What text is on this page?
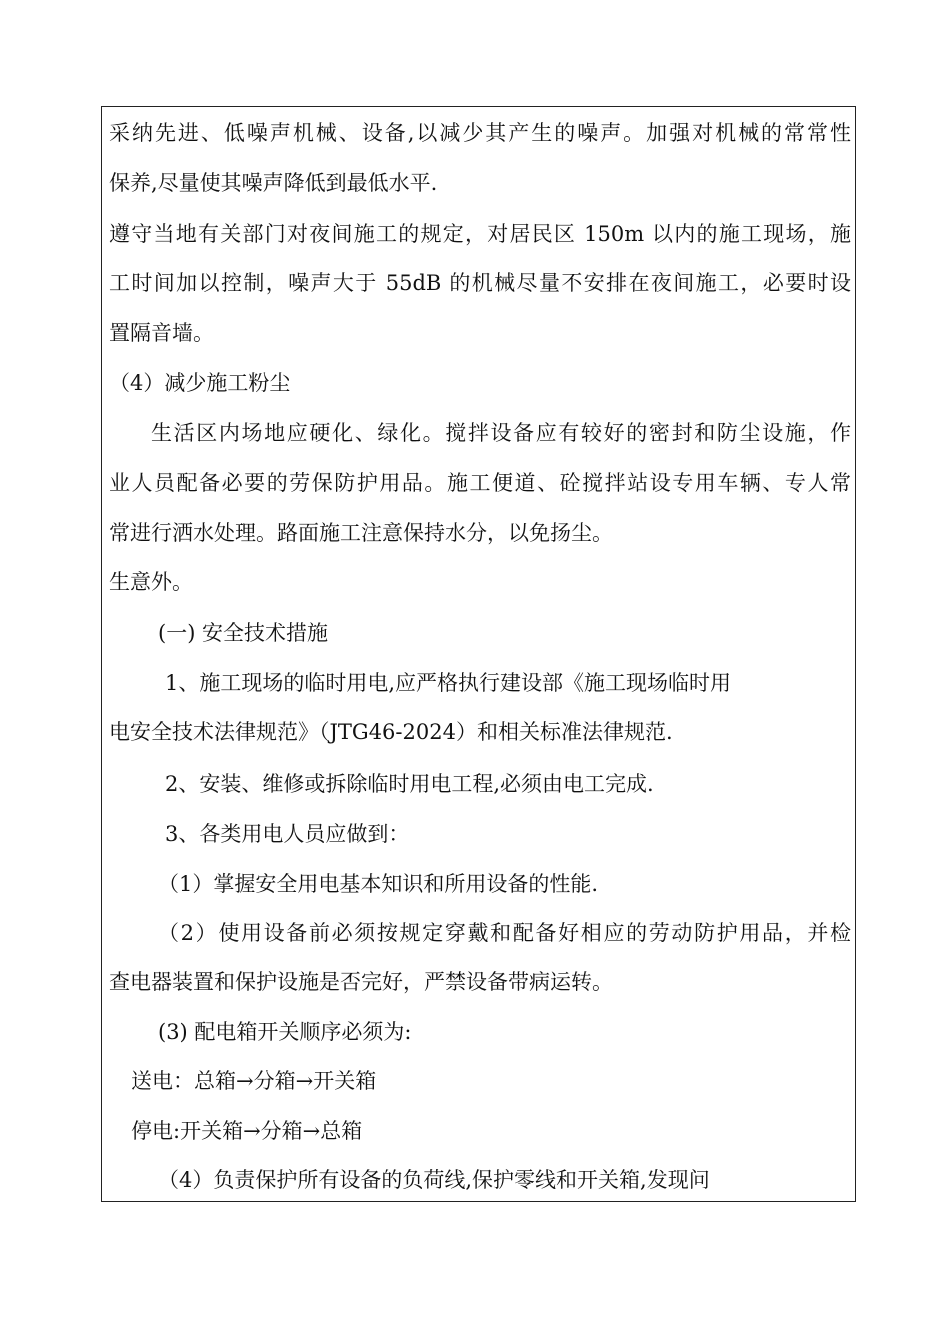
采纳先进、低噪声机械、设备,以减少其产生的噪声。加强对机械的常常性

保养,尽量使其噪声降低到最低水平.

遵守当地有关部门对夜间施工的规定，对居民区 150m 以内的施工现场，施

工时间加以控制，噪声大于 55dB 的机械尽量不安排在夜间施工，必要时设

置隔音墙。

（4）减少施工粉尘

生活区内场地应硬化、绿化。搅拌设备应有较好的密封和防尘设施，作

业人员配备必要的劳保防护用品。施工便道、砼搅拌站设专用车辆、专人常

常进行洒水处理。路面施工注意保持水分，以免扬尘。

生意外。

(一) 安全技术措施

1、施工现场的临时用电,应严格执行建设部《施工现场临时用

电安全技术法律规范》（JTG46-2024）和相关标准法律规范.

2、安装、维修或拆除临时用电工程,必须由电工完成.

3、各类用电人员应做到：

（1）掌握安全用电基本知识和所用设备的性能.

（2）使用设备前必须按规定穿戴和配备好相应的劳动防护用品，并检

查电器装置和保护设施是否完好，严禁设备带病运转。

(3) 配电箱开关顺序必须为:

送电：总箱→分箱→开关箱

停电:开关箱→分箱→总箱

（4）负责保护所有设备的负荷线,保护零线和开关箱,发现问
